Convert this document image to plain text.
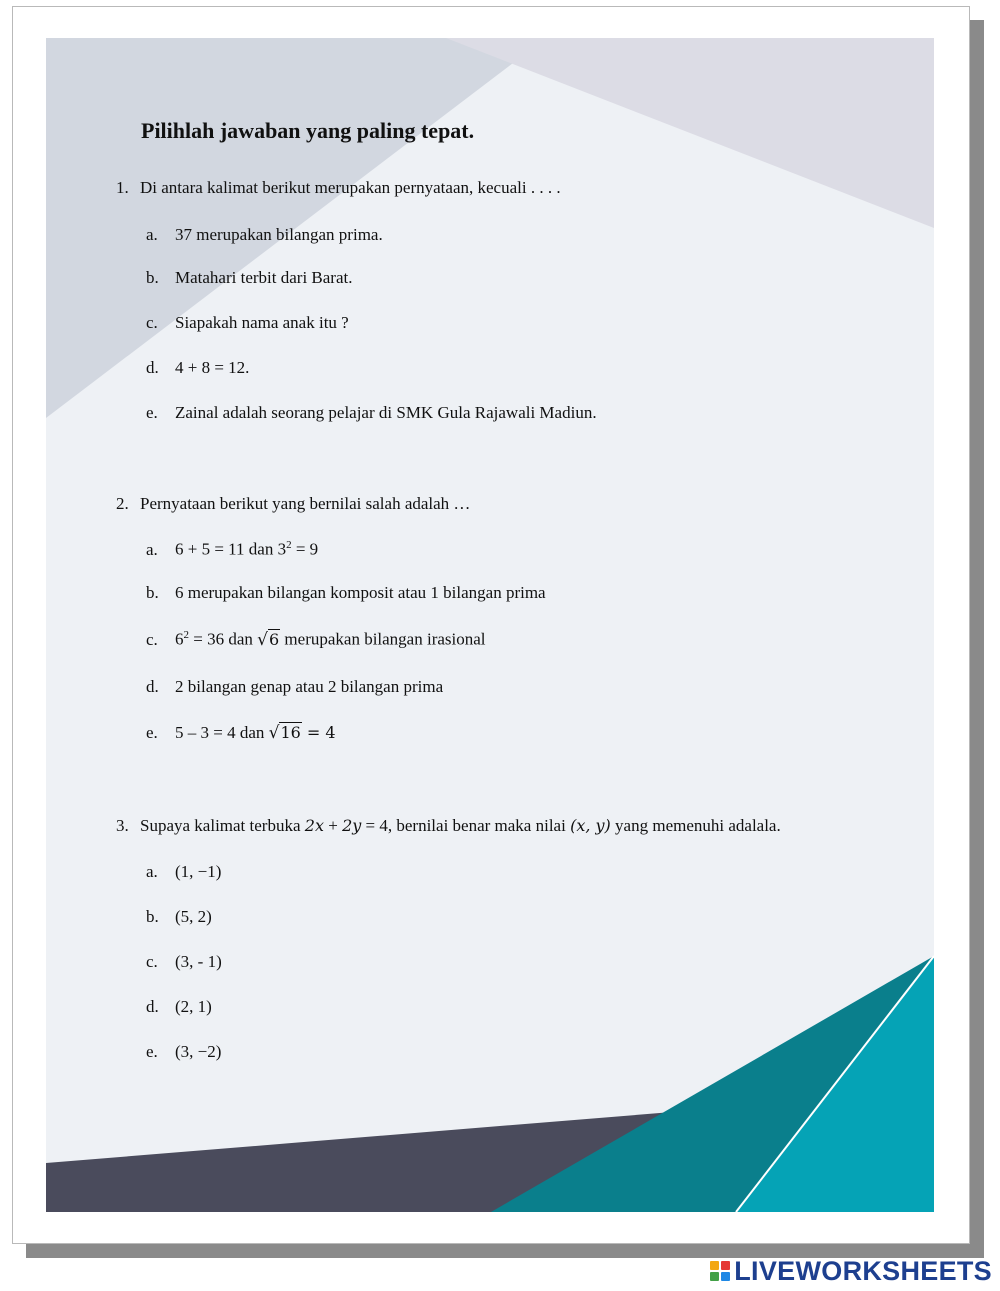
Pilihlah jawaban yang paling tepat.
1. Di antara kalimat berikut merupakan pernyataan, kecuali . . . .
a. 37 merupakan bilangan prima.
b. Matahari terbit dari Barat.
c. Siapakah nama anak itu ?
d. 4 + 8 = 12.
e. Zainal adalah seorang pelajar di SMK Gula Rajawali Madiun.
2. Pernyataan berikut yang bernilai salah adalah …
a. 6 + 5 = 11 dan $3^2 = 9$
b. 6 merupakan bilangan komposit atau 1 bilangan prima
c. $6^2 = 36$ dan √6 merupakan bilangan irasional
d. 2 bilangan genap atau 2 bilangan prima
e. 5 – 3 = 4 dan √16 = 4
3. Supaya kalimat terbuka 2x + 2y = 4, bernilai benar maka nilai (x, y) yang memenuhi adalala.
a. (1, −1)
b. (5, 2)
c. (3, - 1)
d. (2, 1)
e. (3, −2)
LIVEWORKSHEETS
